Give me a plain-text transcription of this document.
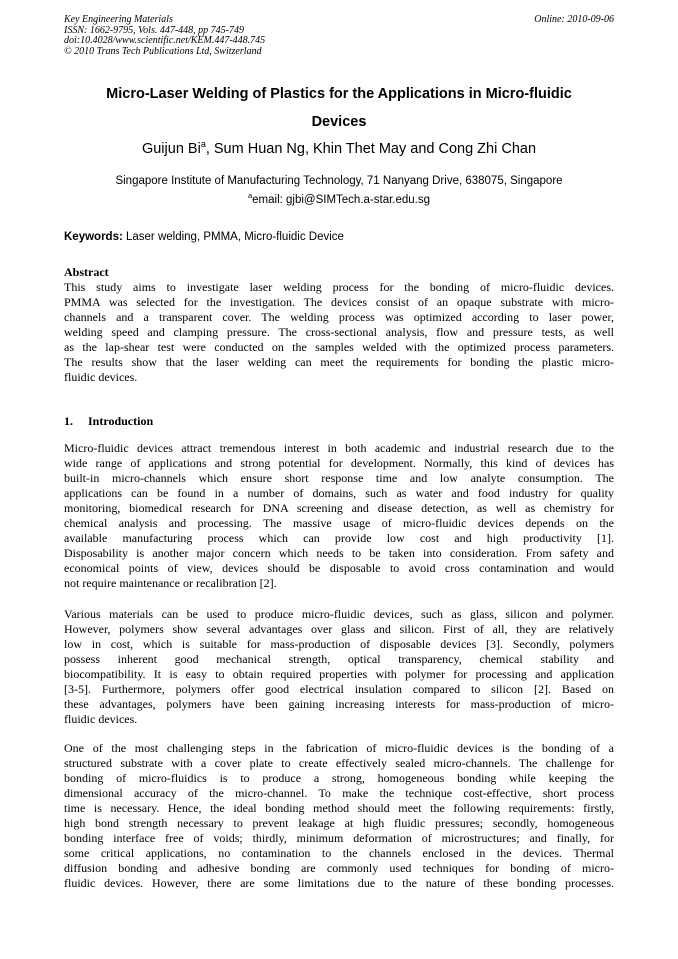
Key Engineering Materials
ISSN: 1662-9795, Vols. 447-448, pp 745-749
doi:10.4028/www.scientific.net/KEM.447-448.745
© 2010 Trans Tech Publications Ltd, Switzerland
Online: 2010-09-06
Micro-Laser Welding of Plastics for the Applications in Micro-fluidic
Devices
Guijun Bi$^a$, Sum Huan Ng, Khin Thet May and Cong Zhi Chan
Singapore Institute of Manufacturing Technology, 71 Nanyang Drive, 638075, Singapore
$^a$email: gjbi@SIMTech.a-star.edu.sg
Keywords: Laser welding, PMMA, Micro-fluidic Device
Abstract
This study aims to investigate laser welding process for the bonding of micro-fluidic devices.
PMMA was selected for the investigation. The devices consist of an opaque substrate with micro-
channels and a transparent cover. The welding process was optimized according to laser power,
welding speed and clamping pressure. The cross-sectional analysis, flow and pressure tests, as well
as the lap-shear test were conducted on the samples welded with the optimized process parameters.
The results show that the laser welding can meet the requirements for bonding the plastic micro-
fluidic devices.
1. Introduction
Micro-fluidic devices attract tremendous interest in both academic and industrial research due to the
wide range of applications and strong potential for development. Normally, this kind of devices has
built-in micro-channels which ensure short response time and low analyte consumption. The
applications can be found in a number of domains, such as water and food industry for quality
monitoring, biomedical research for DNA screening and disease detection, as well as chemistry for
chemical analysis and processing. The massive usage of micro-fluidic devices depends on the
available manufacturing process which can provide low cost and high productivity [1].
Disposability is another major concern which needs to be taken into consideration. From safety and
economical points of view, devices should be disposable to avoid cross contamination and would
not require maintenance or recalibration [2].
Various materials can be used to produce micro-fluidic devices, such as glass, silicon and polymer.
However, polymers show several advantages over glass and silicon. First of all, they are relatively
low in cost, which is suitable for mass-production of disposable devices [3]. Secondly, polymers
possess inherent good mechanical strength, optical transparency, chemical stability and
biocompatibility. It is easy to obtain required properties with polymer for processing and application
[3-5]. Furthermore, polymers offer good electrical insulation compared to silicon [2]. Based on
these advantages, polymers have been gaining increasing interests for mass-production of micro-
fluidic devices.
One of the most challenging steps in the fabrication of micro-fluidic devices is the bonding of a
structured substrate with a cover plate to create effectively sealed micro-channels. The challenge for
bonding of micro-fluidics is to produce a strong, homogeneous bonding while keeping the
dimensional accuracy of the micro-channel. To make the technique cost-effective, short process
time is necessary. Hence, the ideal bonding method should meet the following requirements: firstly,
high bond strength necessary to prevent leakage at high fluidic pressures; secondly, homogeneous
bonding interface free of voids; thirdly, minimum deformation of microstructures; and finally, for
some critical applications, no contamination to the channels enclosed in the devices. Thermal
diffusion bonding and adhesive bonding are commonly used techniques for bonding of micro-
fluidic devices. However, there are some limitations due to the nature of these bonding processes.
